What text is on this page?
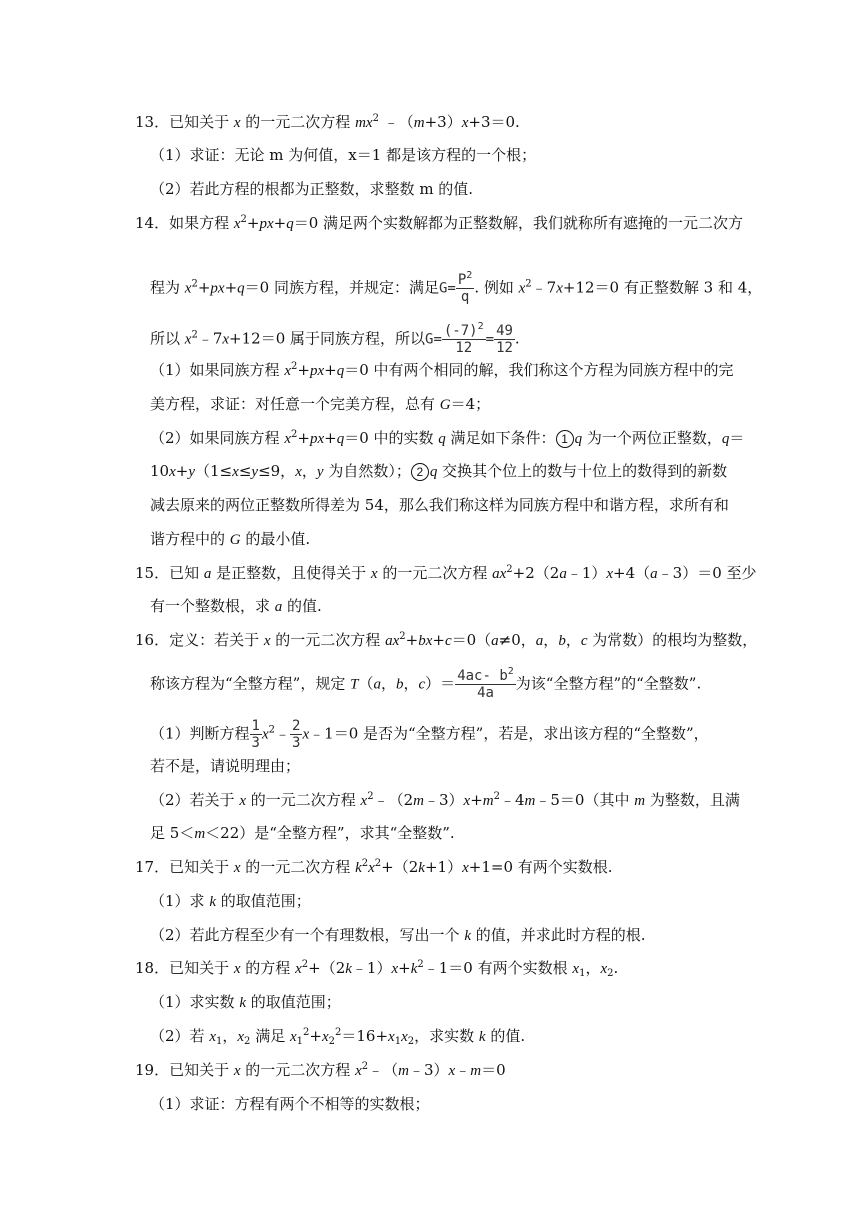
13．已知关于 x 的一元二次方程 $mx^2$ ﹣（m+3）x+3＝0.
（1）求证：无论 m 为何值，x＝1 都是该方程的一个根；
（2）若此方程的根都为正整数，求整数 m 的值.
14．如果方程 $x^2+px+q=0$ 满足两个实数解都为正整数解，我们就称所有遮掩的一元二次方
程为 $x^2+px+q=0$ 同族方程，并规定：满足$G= \frac{P^2}{q}$ . 例如 $x^2﹣7x+12=0$ 有正整数解 3 和 4，
所以 $x^2﹣7x+12=0$ 属于同族方程，所以$G= \frac{(-7)^2}{12} = \frac{49}{12}$ .
（1）如果同族方程 $x^2+px+q=0$ 中有两个相同的解，我们称这个方程为同族方程中的完
美方程，求证：对任意一个完美方程，总有 G＝4；
（2）如果同族方程 $x^2+px+q=0$ 中的实数 q 满足如下条件： 1 q 为一个两位正整数，q＝
10x+y（1≤x≤y≤9，x，y 为自然数）； 2 q 交换其个位上的数与十位上的数得到的新数
减去原来的两位正整数所得差为 54，那么我们称这样为同族方程中和谐方程，求所有和
谐方程中的 G 的最小值.
15．已知 a 是正整数，且使得关于 x 的一元二次方程 $ax^2+2(2a﹣1)x+4(a﹣3)=0$ 至少
有一个整数根，求 a 的值.
16．定义：若关于 x 的一元二次方程 $ax^2+bx+c=0(a\ne 0$，a，b，c 为常数）的根均为整数，
称该方程为“全整方程”，规定 T（a，b，$c)= \frac{4ac- b^2}{4a}$ 为该“全整方程”的“全整数”.
（1）判断方程 $\frac{1}{3}$ $x^2﹣ \frac{2}{3}$ x﹣1＝0 是否为“全整方程”，若是，求出该方程的“全整数”，
若不是，请说明理由；
（2）若关于 x 的一元二次方程 $x^2﹣(2m﹣3)x+m^2﹣4m﹣5=0$（其中 m 为整数，且满
足 5＜m＜22）是“全整方程”，求其“全整数”.
17．已知关于 x 的一元二次方程 $k^2x^2+(2k+1)x+1=0$ 有两个实数根.
（1）求 k 的取值范围；
（2）若此方程至少有一个有理数根，写出一个 k 的值，并求此时方程的根.
18．已知关于 x 的方程 $x^2+(2k﹣1)x+k^2﹣1=0$ 有两个实数根 $x_1$，$x_2$.
（1）求实数 k 的取值范围；
（2）若 $x_1$，$x_2$ 满足 $x_1^2+x_2^2=16+x_1x_2$，求实数 k 的值.
19．已知关于 x 的一元二次方程 $x^2﹣(m﹣3)x﹣m=0$
（1）求证：方程有两个不相等的实数根；
